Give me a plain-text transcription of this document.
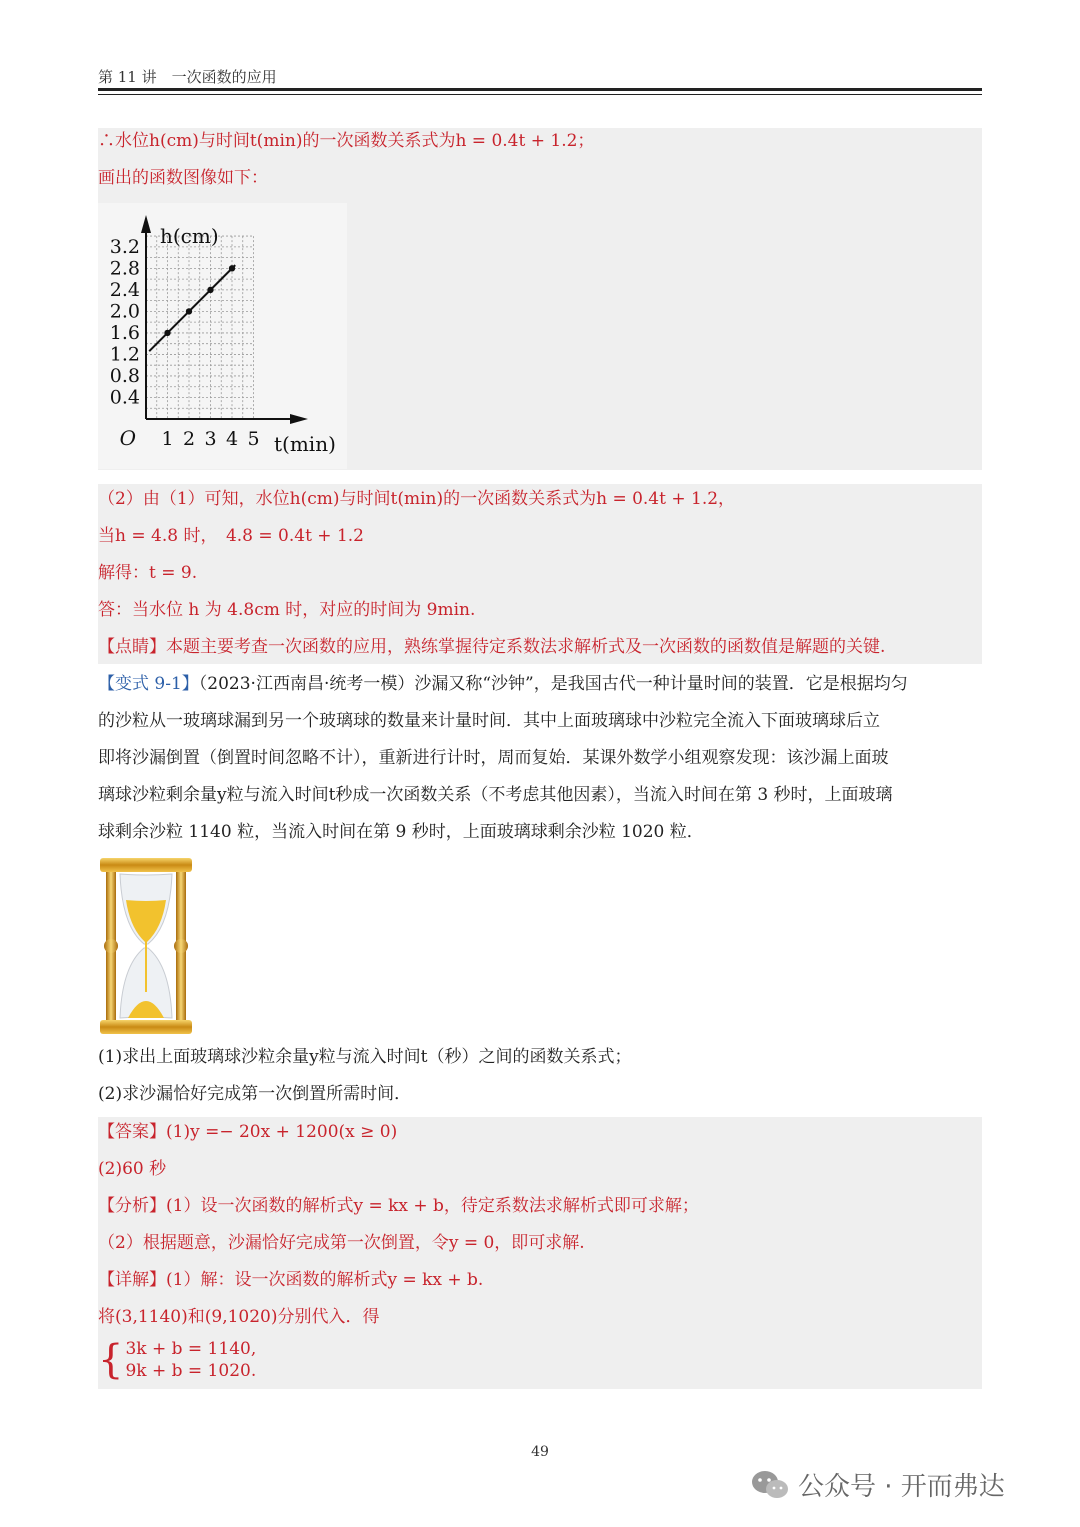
第 11 讲　一次函数的应用
∴水位h(cm)与时间t(min)的一次函数关系式为h = 0.4t + 1.2；
画出的函数图像如下：
0.4
0.8
1.2
1.6
2.0
2.4
2.8
3.2
1 2 3 4 5
O
h(cm)
t(min)
（2）由（1）可知，水位h(cm)与时间t(min)的一次函数关系式为h = 0.4t + 1.2，
当h = 4.8 时，　4.8 = 0.4t + 1.2
解得：t = 9.
答：当水位 h 为 4.8cm 时，对应的时间为 9min.
【点睛】本题主要考查一次函数的应用，熟练掌握待定系数法求解析式及一次函数的函数值是解题的关键.
【变式 9-1】（2023·江西南昌·统考一模）沙漏又称“沙钟”，是我国古代一种计量时间的装置．它是根据均匀
的沙粒从一玻璃球漏到另一个玻璃球的数量来计量时间．其中上面玻璃球中沙粒完全流入下面玻璃球后立
即将沙漏倒置（倒置时间忽略不计），重新进行计时，周而复始．某课外数学小组观察发现：该沙漏上面玻
璃球沙粒剩余量y粒与流入时间t秒成一次函数关系（不考虑其他因素），当流入时间在第 3 秒时，上面玻璃
球剩余沙粒 1140 粒，当流入时间在第 9 秒时，上面玻璃球剩余沙粒 1020 粒．
(1)求出上面玻璃球沙粒余量y粒与流入时间t（秒）之间的函数关系式；
(2)求沙漏恰好完成第一次倒置所需时间．
【答案】(1)y =− 20x + 1200(x ≥ 0)
(2)60 秒
【分析】(1）设一次函数的解析式y = kx + b，待定系数法求解析式即可求解；
（2）根据题意，沙漏恰好完成第一次倒置，令y = 0，即可求解.
【详解】(1）解：设一次函数的解析式y = kx + b.
将(3,1140)和(9,1020)分别代入．得
{ 3k + b = 1140,
9k + b = 1020.
49
公众号 · 开而弗达
